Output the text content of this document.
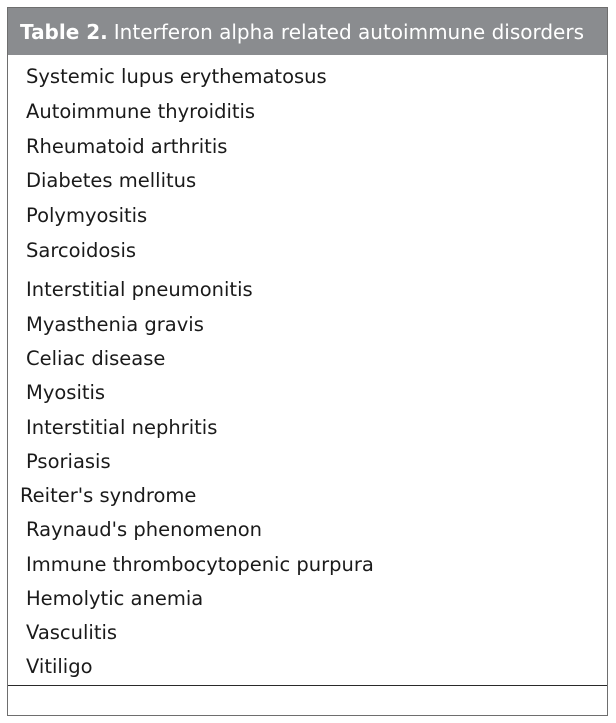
Table 2. Interferon alpha related autoimmune disorders
Systemic lupus erythematosus
Autoimmune thyroiditis
Rheumatoid arthritis
Diabetes mellitus
Polymyositis
Sarcoidosis
Interstitial pneumonitis
Myasthenia gravis
Celiac disease
Myositis
Interstitial nephritis
Psoriasis
Reiter's syndrome
Raynaud's phenomenon
Immune thrombocytopenic purpura
Hemolytic anemia
Vasculitis
Vitiligo
